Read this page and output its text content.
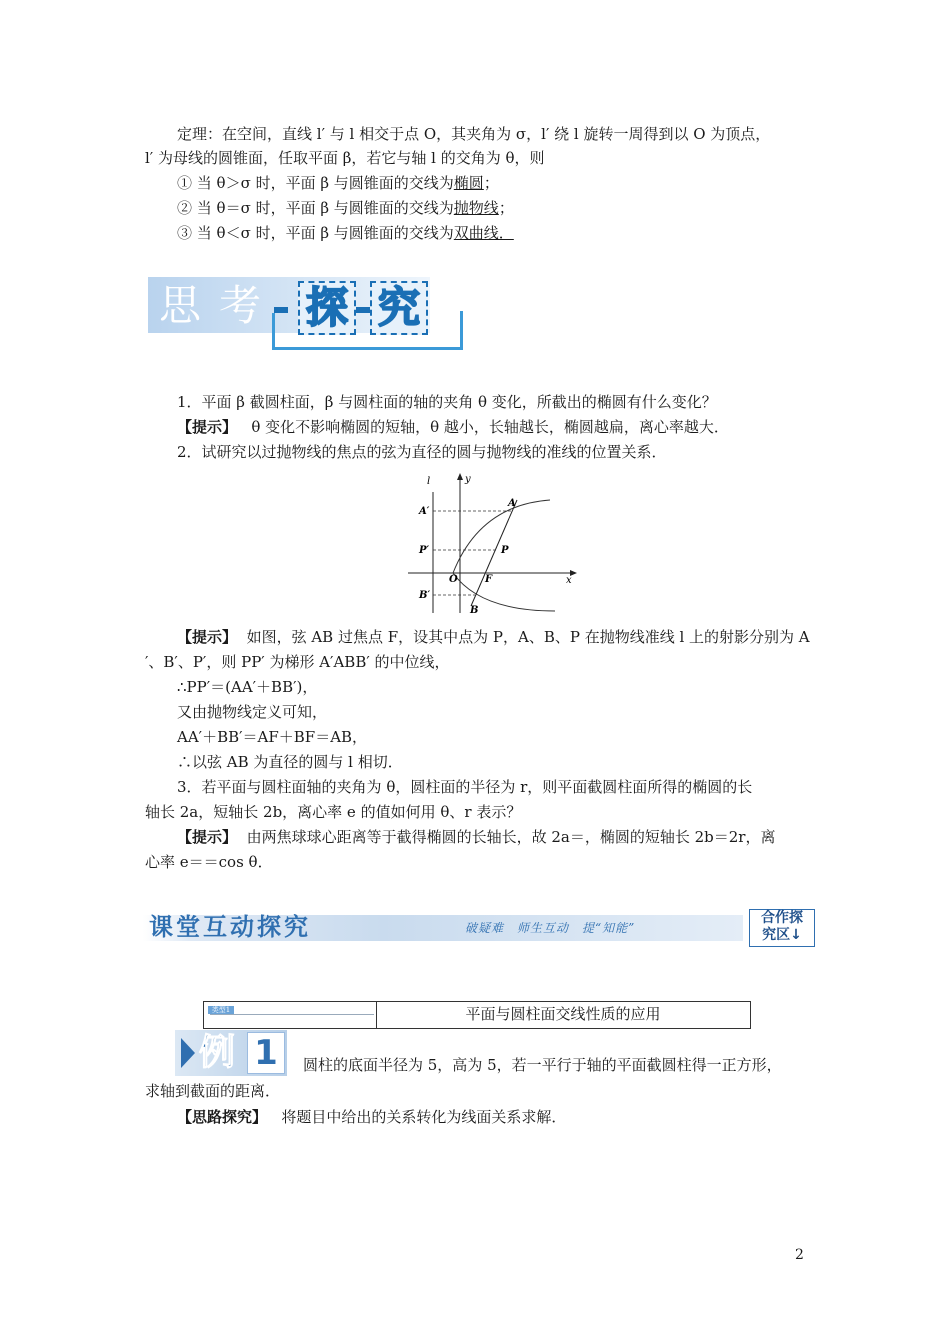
定理：在空间，直线 l′ 与 l 相交于点 O，其夹角为 σ，l′ 绕 l 旋转一周得到以 O 为顶点，
l′ 为母线的圆锥面，任取平面 β，若它与轴 l 的交角为 θ，则
① 当 θ＞σ 时，平面 β 与圆锥面的交线为椭圆；
② 当 θ＝σ 时，平面 β 与圆锥面的交线为抛物线；
③ 当 θ＜σ 时，平面 β 与圆锥面的交线为双曲线．
思 考 探 究
1．平面 β 截圆柱面，β 与圆柱面的轴的夹角 θ 变化，所截出的椭圆有什么变化？
【提示】 θ 变化不影响椭圆的短轴，θ 越小，长轴越长，椭圆越扁，离心率越大．
2．试研究以过抛物线的焦点的弦为直径的圆与抛物线的准线的位置关系．
l	y
x
A
A′
P
P′
O	F
B
B′
【提示】 如图，弦 AB 过焦点 F，设其中点为 P，A、B、P 在抛物线准线 l 上的射影分别为 A
′、B′、P′，则 PP′ 为梯形 A′ABB′ 的中位线，
∴PP′＝(AA′＋BB′)，
又由抛物线定义可知，
AA′＋BB′＝AF＋BF＝AB，
∴以弦 AB 为直径的圆与 l 相切．
3．若平面与圆柱面轴的夹角为 θ，圆柱面的半径为 r，则平面截圆柱面所得的椭圆的长
轴长 2a，短轴长 2b，离心率 e 的值如何用 θ、r 表示？
【提示】 由两焦球球心距离等于截得椭圆的长轴长，故 2a＝，椭圆的短轴长 2b＝2r，离
心率 e＝＝cos θ．
课堂互动探究	破疑难　师生互动　提“知能”
合作探
究区↓
类型1	平面与圆柱面交线性质的应用
例 1	圆柱的底面半径为 5，高为 5，若一平行于轴的平面截圆柱得一正方形，
求轴到截面的距离．
【思路探究】 将题目中给出的关系转化为线面关系求解．
2
